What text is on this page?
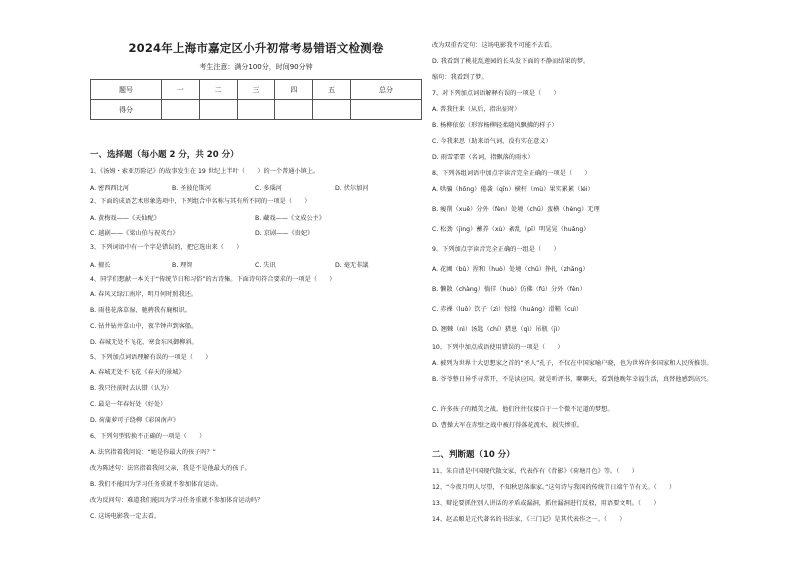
2024年上海市嘉定区小升初常考易错语文检测卷
考生注意：满分100分，时间90分钟
题号	一	二	三	四	五	总分
得分						
一、选择题（每小题 2 分，共 20 分）
1、《汤姆・索亚历险记》的故事发生在 19 世纪上半叶（　　）的一个普通小镇上。
A. 密西西比河	B. 圣彼伦斯河	C. 多瑙河	D. 伏尔加河
2、下面的成语艺术形象选项中，下列组合中名称与其有所不同的一项是（　　）
A. 黄梅戏——《天仙配》	B. 藏戏——《文成公主》
C. 越剧——《梁山伯与祝英台》	D. 京剧——《贵妃》
3、下列词语中有一个字是错误的，把它选出来（　　）
A. 擅长	B. 理智	C. 失讯	D. 毫无非議
4、同学们想献一本关于“传统节日和习俗”的古诗集。下面诗句符合要求的一项是（　　）
A. 春风又绿江南岸，明月何时照我还。
B. 雨巷花落草湿，驰骋我有鹿相识。
C. 钻井钻井草山中，夜半钟声到客船。
D. 春城无处不飞花，寒食东风御柳斜。
5、下列加点词语理解有误的一项是（　　）
A. 春城无处不飞花《春天的景城》
B. 我只往前时去认错（认为）
C. 最是一年春好处（好处）
D. 荷蒲萝可子绕柳《彩国南声》
6、下列句型转换不正确的一项是（　　）
A. 法官指着我问说：“她是你最大的孩子吗？”
改为陈述句：法官指着我问父亲，我是不是他最大的孩子。
B. 我们不能因为学习任务重就不参加体育运动。
改为反问句：难道我们能因为学习任务重就不参加体育运动吗？
C. 这场电影我一定去看。
改为双重否定句：这场电影我不可能不去看。
D. 我看到了桃花乱莲园的长头发下面的不静而结果的梦。
缩句：我看到了梦。
7、对下列加点词语解释有误的一项是（　　）
A. 普我往来（从后，指出征时）
B. 杨柳依依（形容杨柳轻柔随风飘拂的样子）
C. 今我来思（助来语气词，没有实在意义）
D. 雨雪霏霏（名词，指飘落的雨水）
8、下列各组词语中加点字读音完全正确的一项是（　　）
A. 哄骗（hōng）倦袭（qīn）横杆（mù）果实累累（léi）
B. 瘦削（xuē）分外（fèn）处境（chǔ）蛮横（hèng）无理
C. 松劲（jìng）蓄养（xù）紊乱（pī）明晃晃（huǎng）
9、下列加点字读音完全正确的一组是（　　）
A. 花圃（bǔ）捏和（huò）处境（chǔ）挣扎（zhāng）
B. 懒散（chàng）徜徉（huò）仿佛（fú）分外（fèn）
C. 赤裸（luǒ）饮子（zì）惊惶（huáng）滑鞘（cuì）
D. 翘棘（nì）汤匙（chí）猎息（qì）吊瓶（jì）
10、下列中加点成语使用错误的一项是（　　）
A. 被列为世界十大思想家之首的“圣人”孔子，不仅在中国家喻户晓，也为世界许多国家和人民所推崇。
B. 爷爷整日异乎寻常开，不是读应国，就是听评书，聊聊天，看到他晚年幸福生活，真替他感到高兴。
C. 许多孩子的精美之战，他们往往仅接自于一个微不足道的梦想。
D. 曹操大军在赤壁之战中被打得落花流水，损失惨重。
二、判断题（10 分）
11、朱自清是中国现代散文家，代表作有《背影》《荷塘月色》等。（　　）
12、“今夜月明人尽望，不知秋思落谁家。”这句诗与我国的传统节日端午节有关。（　　）
13、辩论要抓住别人讲话的矛盾或漏洞，抓住漏洞进行反驳，用语要文明。（　　）
14、赵孟頫是元代著名的书法家，《三门记》是其代表作之一。（　　）
